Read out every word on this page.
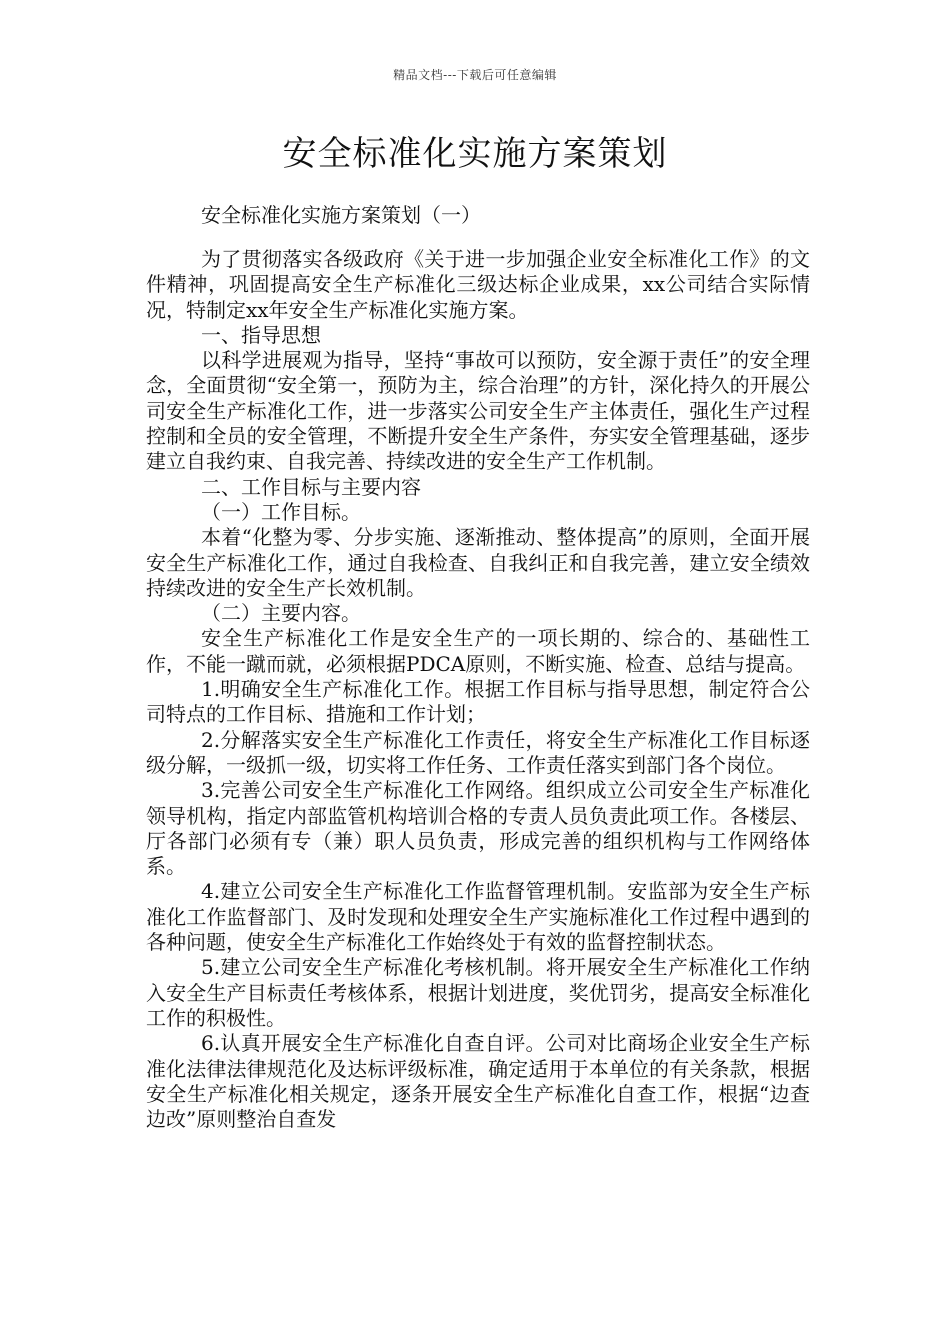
精品文档---下载后可任意编辑
安全标准化实施方案策划
安全标准化实施方案策划（一）

为了贯彻落实各级政府《关于进一步加强企业安全标准化工作》的文件精神，巩固提高安全生产标准化三级达标企业成果，xx公司结合实际情况，特制定xx年安全生产标准化实施方案。

一、指导思想

以科学进展观为指导，坚持“事故可以预防，安全源于责任”的安全理念，全面贯彻“安全第一，预防为主，综合治理”的方针，深化持久的开展公司安全生产标准化工作，进一步落实公司安全生产主体责任，强化生产过程控制和全员的安全管理，不断提升安全生产条件，夯实安全管理基础，逐步建立自我约束、自我完善、持续改进的安全生产工作机制。

二、工作目标与主要内容

（一）工作目标。

本着“化整为零、分步实施、逐渐推动、整体提高”的原则，全面开展安全生产标准化工作，通过自我检查、自我纠正和自我完善，建立安全绩效持续改进的安全生产长效机制。

（二）主要内容。

安全生产标准化工作是安全生产的一项长期的、综合的、基础性工作，不能一蹴而就，必须根据PDCA原则，不断实施、检查、总结与提高。

1.明确安全生产标准化工作。根据工作目标与指导思想，制定符合公司特点的工作目标、措施和工作计划；

2.分解落实安全生产标准化工作责任，将安全生产标准化工作目标逐级分解，一级抓一级，切实将工作任务、工作责任落实到部门各个岗位。

3.完善公司安全生产标准化工作网络。组织成立公司安全生产标准化领导机构，指定内部监管机构培训合格的专责人员负责此项工作。各楼层、厅各部门必须有专（兼）职人员负责，形成完善的组织机构与工作网络体系。

4.建立公司安全生产标准化工作监督管理机制。安监部为安全生产标准化工作监督部门、及时发现和处理安全生产实施标准化工作过程中遇到的各种问题，使安全生产标准化工作始终处于有效的监督控制状态。

5.建立公司安全生产标准化考核机制。将开展安全生产标准化工作纳入安全生产目标责任考核体系，根据计划进度，奖优罚劣，提高安全标准化工作的积极性。

6.认真开展安全生产标准化自查自评。公司对比商场企业安全生产标准化法律法律规范化及达标评级标准，确定适用于本单位的有关条款，根据安全生产标准化相关规定，逐条开展安全生产标准化自查工作，根据“边查边改”原则整治自查发
